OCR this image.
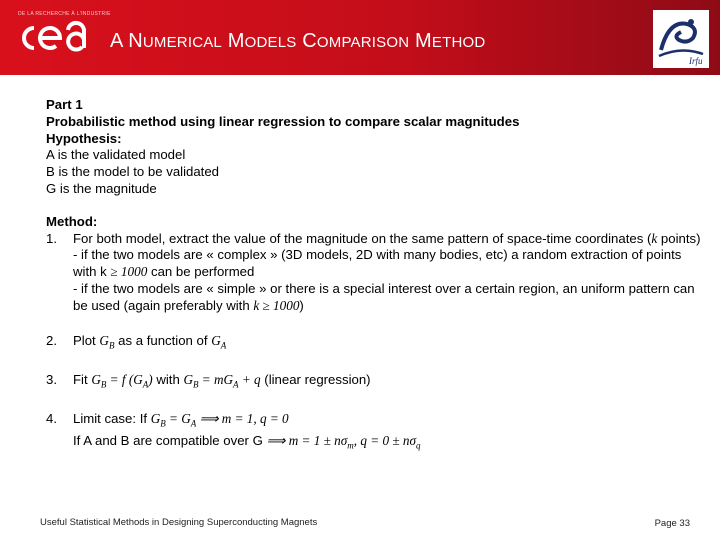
DE LA RECHERCHE À L'INDUSTRIE
A NUMERICAL MODELS COMPARISON METHOD
Irfu
Part 1
Probabilistic method using linear regression to compare scalar magnitudes
Hypothesis:
A is the validated model
B is the model to be validated
G is the magnitude
Method:
1.	For both model, extract the value of the magnitude on the same pattern of space-time coordinates (k points)
- if the two models are « complex » (3D models, 2D with many bodies, etc) a random extraction of points with k ≥ 1000 can be performed
- if the two models are « simple » or there is a special interest over a certain region, an uniform pattern can be used (again preferably with k ≥ 1000)
2.	Plot $G_B$ as a function of $G_A$
3.	Fit $G_B = f$ $(G_A)$ with $G_B = mG_A + q$ (linear regression)
4.	Limit case: If $G_B = G_A$ ⟹ m = 1, q = 0
If A and B are compatible over G ⟹ $m = 1 \pm n\sigma_m$, $q = 0 \pm n\sigma_q$
Useful Statistical Methods in Designing Superconducting Magnets	Page 33
